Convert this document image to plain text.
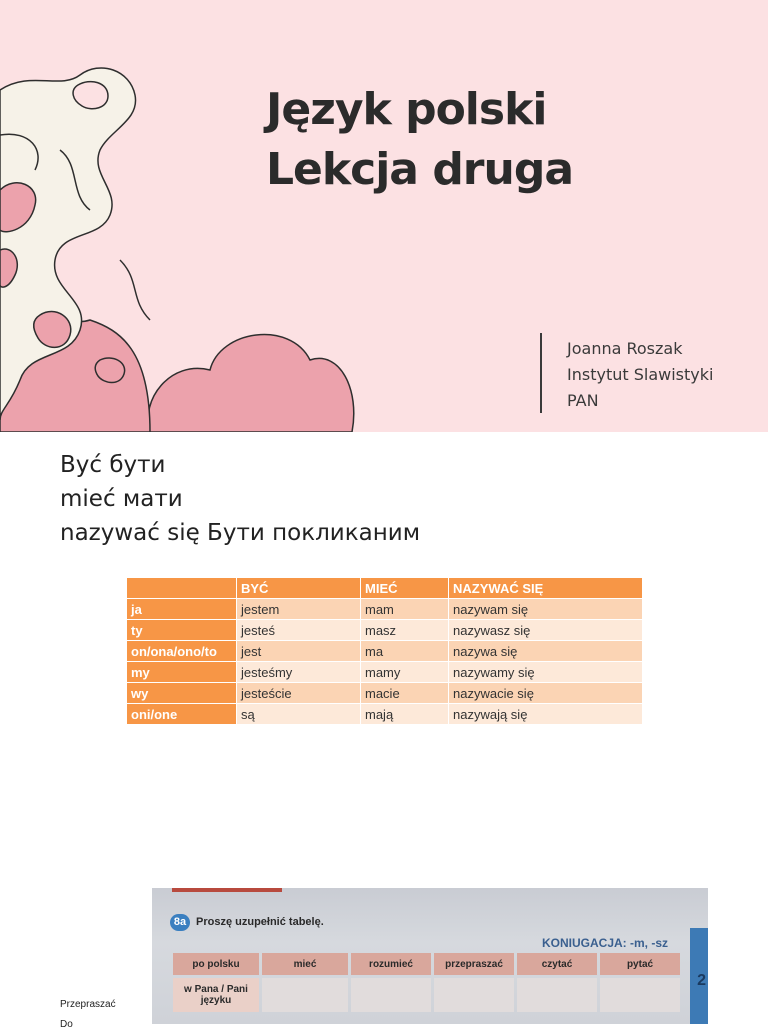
Język polski
Lekcja druga
Joanna Roszak
Instytut Slawistyki
PAN
Być бути
mieć мати
nazywać się Бути покликаним
	BYĆ	MIEĆ	NAZYWAĆ SIĘ
ja	jestem	mam	nazywam się
ty	jesteś	masz	nazywasz się
on/ona/ono/to	jest	ma	nazywa się
my	jesteśmy	mamy	nazywamy się
wy	jesteście	macie	nazywacie się
oni/one	są	mają	nazywają się
8a Proszę uzupełnić tabelę.
KONIUGACJA: -m, -sz
2
po polsku	mieć	rozumieć	przepraszać	czytać	pytać
w Pana / Pani języku					
Przepraszać
Do
